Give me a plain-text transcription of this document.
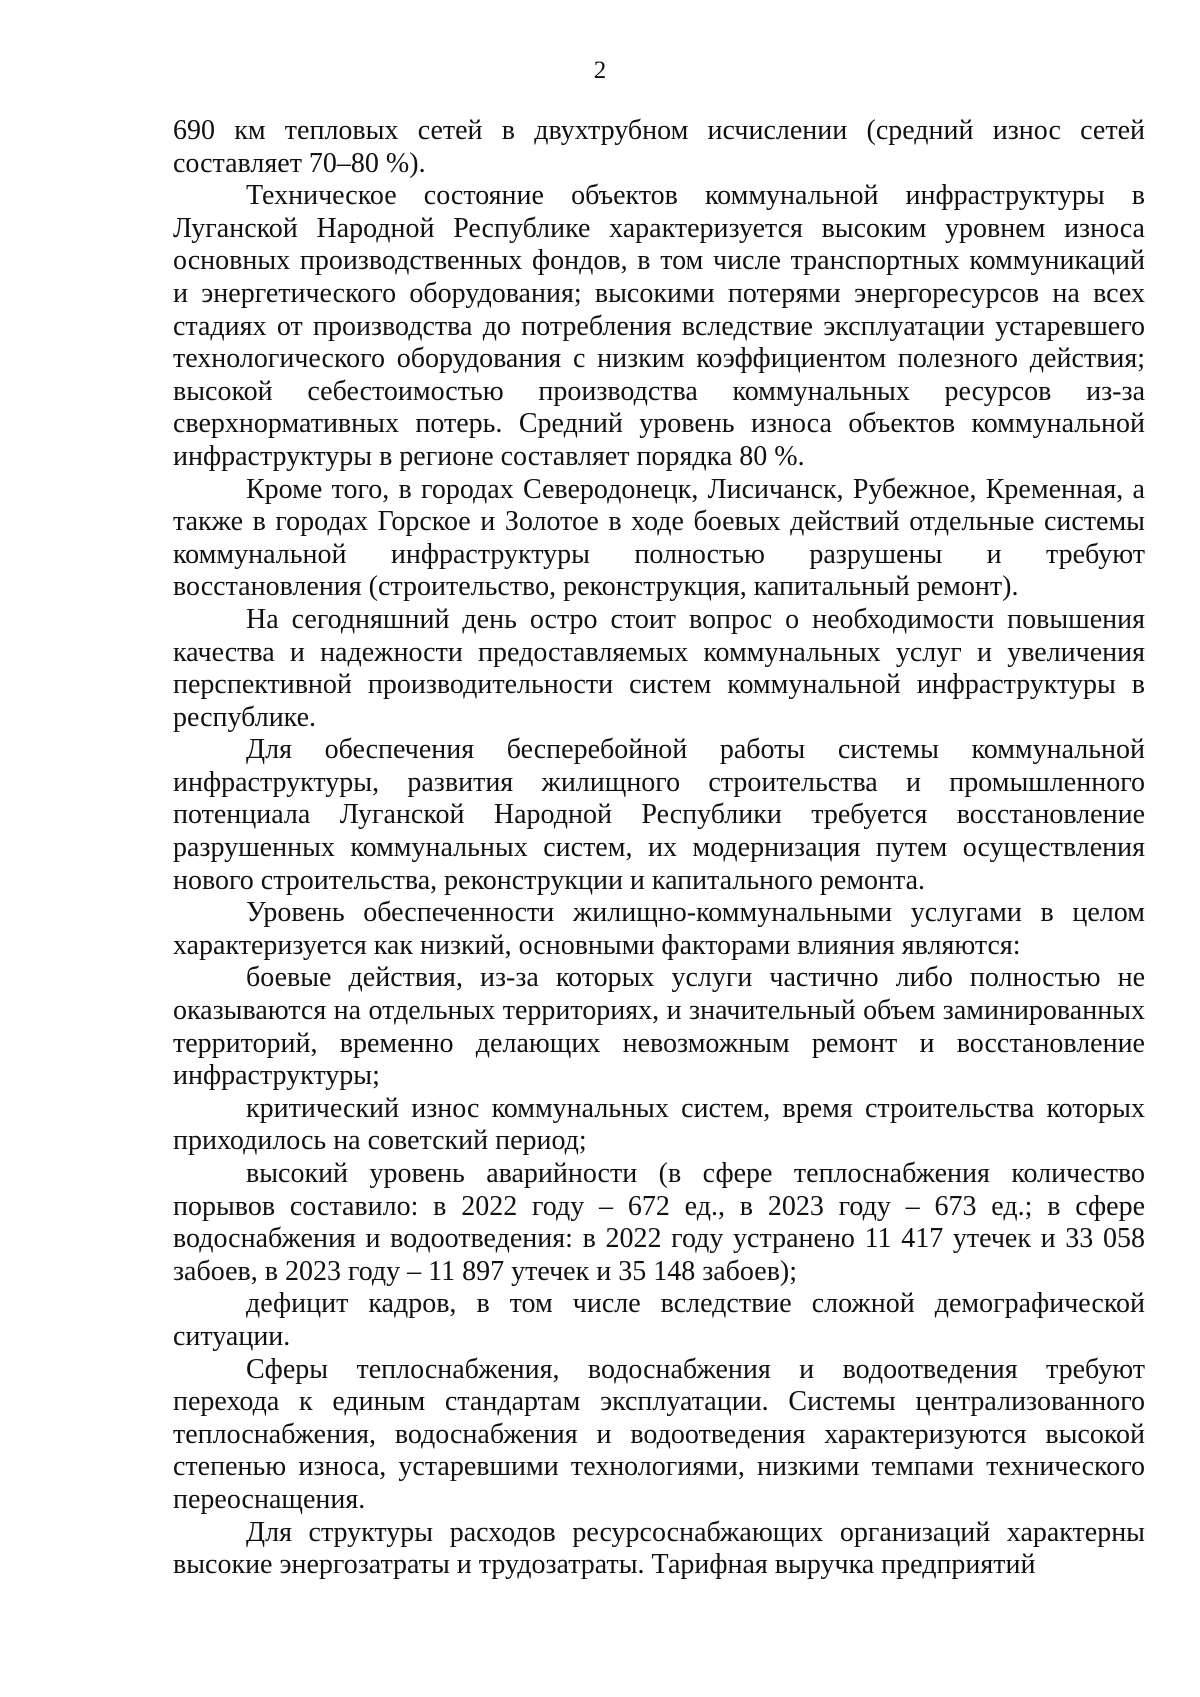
2

690 км тепловых сетей в двухтрубном исчислении (средний износ сетей составляет 70–80 %).

Техническое состояние объектов коммунальной инфраструктуры в Луганской Народной Республике характеризуется высоким уровнем износа основных производственных фондов, в том числе транспортных коммуникаций и энергетического оборудования; высокими потерями энергоресурсов на всех стадиях от производства до потребления вследствие эксплуатации устаревшего технологического оборудования с низким коэффициентом полезного действия; высокой себестоимостью производства коммунальных ресурсов из-за сверхнормативных потерь. Средний уровень износа объектов коммунальной инфраструктуры в регионе составляет порядка 80 %.

Кроме того, в городах Северодонецк, Лисичанск, Рубежное, Кременная, а также в городах Горское и Золотое в ходе боевых действий отдельные системы коммунальной инфраструктуры полностью разрушены и требуют восстановления (строительство, реконструкция, капитальный ремонт).

На сегодняшний день остро стоит вопрос о необходимости повышения качества и надежности предоставляемых коммунальных услуг и увеличения перспективной производительности систем коммунальной инфраструктуры в республике.

Для обеспечения бесперебойной работы системы коммунальной инфраструктуры, развития жилищного строительства и промышленного потенциала Луганской Народной Республики требуется восстановление разрушенных коммунальных систем, их модернизация путем осуществления нового строительства, реконструкции и капитального ремонта.

Уровень обеспеченности жилищно-коммунальными услугами в целом характеризуется как низкий, основными факторами влияния являются:

боевые действия, из-за которых услуги частично либо полностью не оказываются на отдельных территориях, и значительный объем заминированных территорий, временно делающих невозможным ремонт и восстановление инфраструктуры;

критический износ коммунальных систем, время строительства которых приходилось на советский период;

высокий уровень аварийности (в сфере теплоснабжения количество порывов составило: в 2022 году – 672 ед., в 2023 году – 673 ед.; в сфере водоснабжения и водоотведения: в 2022 году устранено 11 417 утечек и 33 058 забоев, в 2023 году – 11 897 утечек и 35 148 забоев);

дефицит кадров, в том числе вследствие сложной демографической ситуации.

Сферы теплоснабжения, водоснабжения и водоотведения требуют перехода к единым стандартам эксплуатации. Системы централизованного теплоснабжения, водоснабжения и водоотведения характеризуются высокой степенью износа, устаревшими технологиями, низкими темпами технического переоснащения.

Для структуры расходов ресурсоснабжающих организаций характерны высокие энергозатраты и трудозатраты. Тарифная выручка предприятий
